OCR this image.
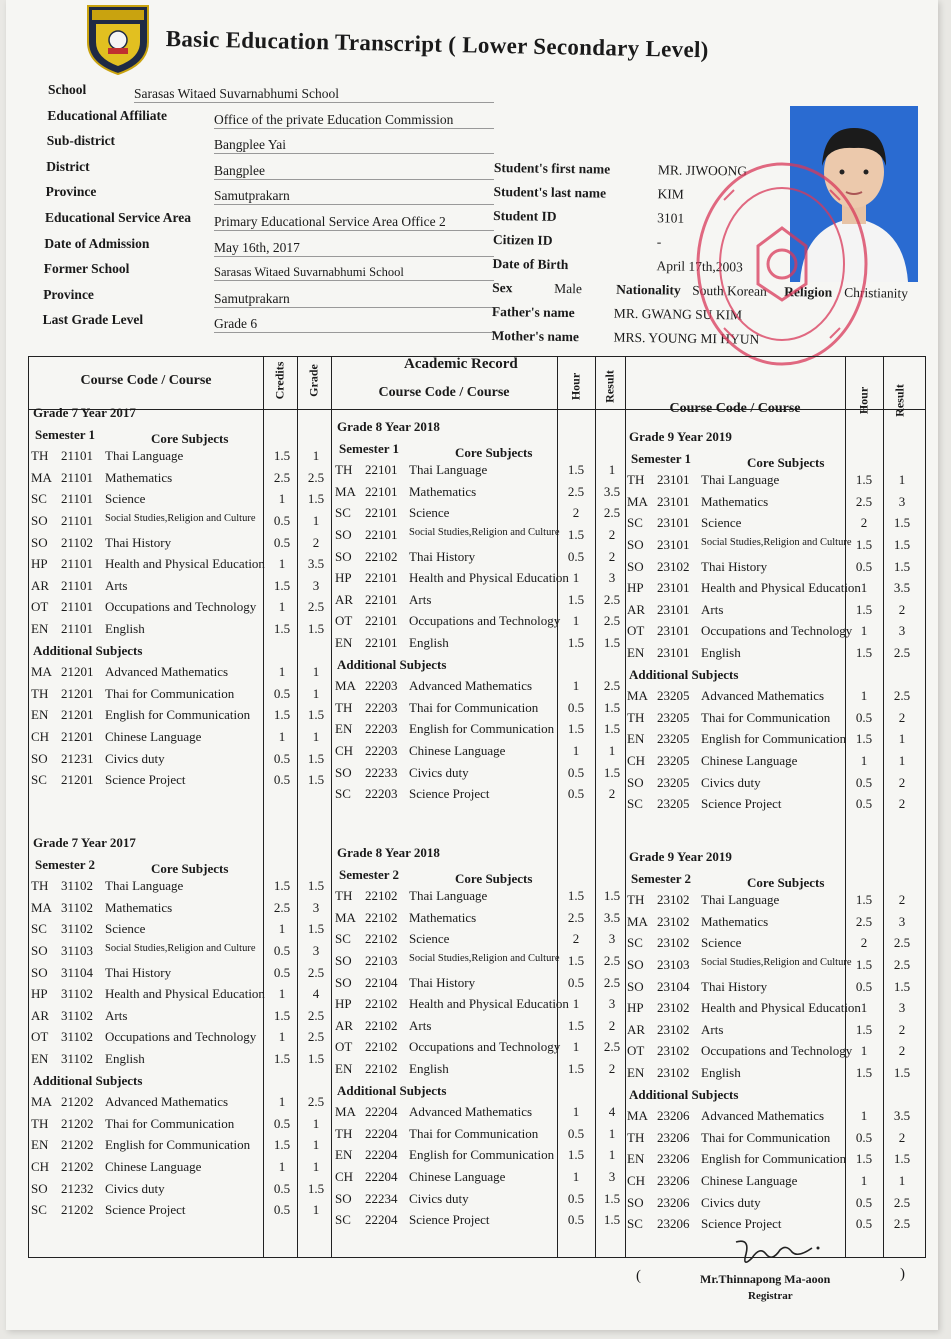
Basic Education Transcript ( Lower Secondary Level)
School	Sarasas Witaed Suvarnabhumi School
Educational Affiliate	Office of the private Education Commission
Sub-district	Bangplee Yai
District	Bangplee
Province	Samutprakarn
Educational Service Area Primary Educational Service Area Office 2
Date of Admission	May 16th, 2017
Former School	Sarasas Witaed Suvarnabhumi School
Province	Samutprakarn
Last Grade Level	Grade 6
Student's first name	MR. JIWOONG
Student's last name	KIM
Student ID	3101
Citizen ID	-
Date of Birth	April 17th,2003
Sex	Male	Nationality South Korean Religion Christianity
Father's name	MR. GWANG SU KIM
Mother's name	MRS. YOUNG MI HYUN
Academic Record
Course Code / Course	Credits Grade	Course Code / Course	Hour Result
Course Code / Course	Hour Result
Grade 7 Year 2017
Semester 1	Core Subjects
TH 21101 Thai Language	1.5	1
MA 21101 Mathematics	2.5	2.5
SC	21101 Science	1	1.5
SO	21101 Social Studies,Religion and Culture	0.5	1
SO	21102 Thai History	0.5	2
HP	21101 Health and Physical Education	1	3.5
AR 21101 Arts	1.5	3
OT 21101 Occupations and Technology	1	2.5
EN 21101 English	1.5	1.5
Additional Subjects
MA 21201 Advanced Mathematics	1	1
TH 21201 Thai for Communication	0.5	1
EN 21201 English for Communication	1.5	1.5
CH 21201 Chinese Language	1	1
SO	21231 Civics duty	0.5	1.5
SC	21201 Science Project	0.5	1.5
Grade 7 Year 2017
Semester 2	Core Subjects
TH 31102 Thai Language	1.5	1.5
MA 31102 Mathematics	2.5	3
SC	31102 Science	1	1.5
SO	31103 Social Studies,Religion and Culture	0.5	3
SO	31104 Thai History	0.5	2.5
HP	31102 Health and Physical Education	1	4
AR 31102 Arts	1.5	2.5
OT 31102 Occupations and Technology	1	2.5
EN 31102 English	1.5	1.5
Additional Subjects
MA 21202 Advanced Mathematics	1	2.5
TH 21202 Thai for Communication	0.5	1
EN 21202 English for Communication	1.5	1
CH 21202 Chinese Language	1	1
SO	21232 Civics duty	0.5	1.5
SC	21202 Science Project	0.5	1
Grade 8 Year 2018
Semester 1	Core Subjects
TH 22101 Thai Language	1.5	1
MA 22101 Mathematics	2.5	3.5
SC	22101 Science	2	2.5
SO	22101 Social Studies,Religion and Culture 1.5	2
SO	22102 Thai History	0.5	2
HP	22101 Health and Physical Education 1	3
AR 22101 Arts	1.5	2.5
OT 22101 Occupations and Technology 1	2.5
EN 22101 English	1.5	1.5
Additional Subjects
MA 22203 Advanced Mathematics	1	2.5
TH 22203 Thai for Communication	0.5	1.5
EN 22203 English for Communication	1.5	1.5
CH 22203 Chinese Language	1	1
SO	22233 Civics duty	0.5	1.5
SC	22203 Science Project	0.5	2
Grade 8 Year 2018
Semester 2	Core Subjects
TH 22102 Thai Language	1.5	1.5
MA 22102 Mathematics	2.5	3.5
SC	22102 Science	2	3
SO	22103 Social Studies,Religion and Culture 1.5	2.5
SO	22104 Thai History	0.5	2.5
HP	22102 Health and Physical Education 1	3
AR 22102 Arts	1.5	2
OT 22102 Occupations and Technology 1	2.5
EN 22102 English	1.5	2
Additional Subjects
MA 22204 Advanced Mathematics	1	4
TH 22204 Thai for Communication	0.5	1
EN 22204 English for Communication	1.5	1
CH 22204 Chinese Language	1	3
SO	22234 Civics duty	0.5	1.5
SC	22204 Science Project	0.5	1.5
Grade 9 Year 2019
Semester 1	Core Subjects
TH 23101 Thai Language	1.5	1
MA 23101 Mathematics	2.5	3
SC	23101 Science	2	1.5
SO	23101 Social Studies,Religion and Culture 1.5	1.5
SO	23102 Thai History	0.5	1.5
HP	23101 Health and Physical Education 1	3.5
AR 23101 Arts	1.5	2
OT 23101 Occupations and Technology 1	3
EN 23101 English	1.5	2.5
Additional Subjects
MA 23205 Advanced Mathematics	1	2.5
TH 23205 Thai for Communication	0.5	2
EN 23205 English for Communication 1.5	1
CH 23205 Chinese Language	1	1
SO	23205 Civics duty	0.5	2
SC	23205 Science Project	0.5	2
Grade 9 Year 2019
Semester 2	Core Subjects
TH 23102 Thai Language	1.5	2
MA 23102 Mathematics	2.5	3
SC	23102 Science	2	2.5
SO	23103 Social Studies,Religion and Culture 1.5	2.5
SO	23104 Thai History	0.5	1.5
HP	23102 Health and Physical Education 1	3
AR 23102 Arts	1.5	2
OT 23102 Occupations and Technology 1	2
EN 23102 English	1.5	1.5
Additional Subjects
MA 23206 Advanced Mathematics	1	3.5
TH 23206 Thai for Communication	0.5	2
EN 23206 English for Communication 1.5	1.5
CH 23206 Chinese Language	1	1
SO	23206 Civics duty	0.5	2.5
SC	23206 Science Project	0.5	2.5
(	Mr.Thinnapong Ma-aoon	)
Registrar
